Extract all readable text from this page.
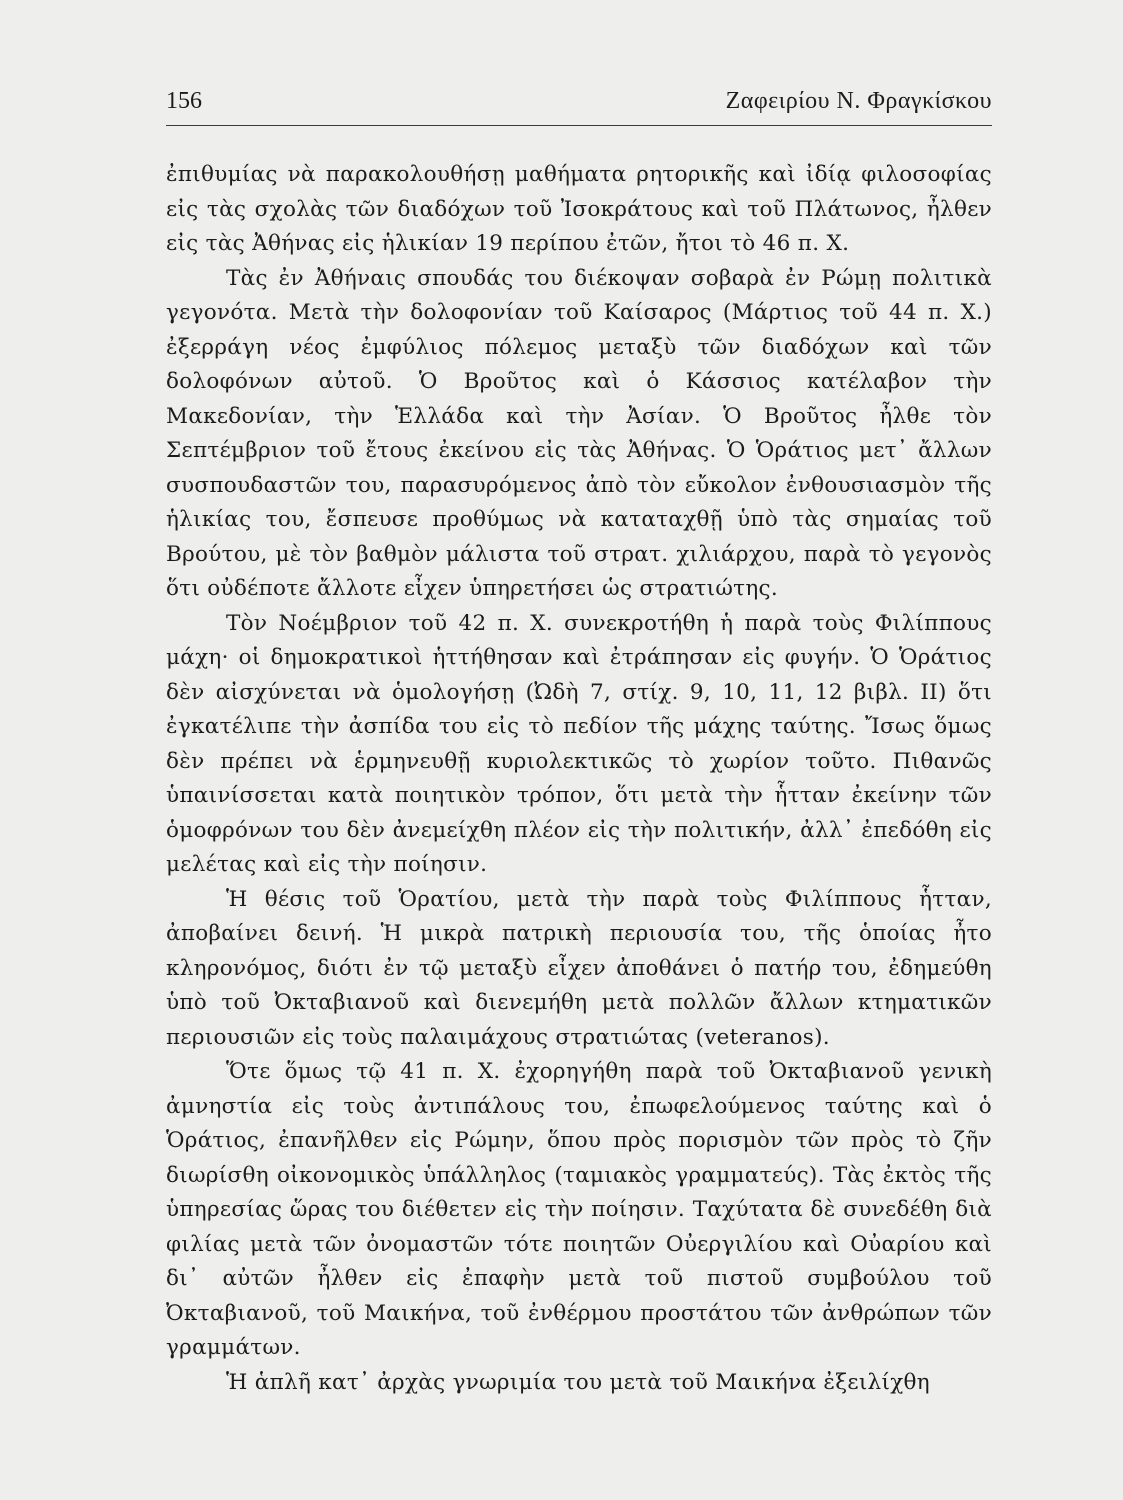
156	Ζαφειρίου Ν. Φραγκίσκου

ἐπιθυμίας νὰ παρακολουθήσῃ μαθήματα ρητορικῆς καὶ ἰδίᾳ φιλοσοφίας εἰς τὰς σχολὰς τῶν διαδόχων τοῦ Ἰσοκράτους καὶ τοῦ Πλάτωνος, ἦλθεν εἰς τὰς Ἀθήνας εἰς ἡλικίαν 19 περίπου ἐτῶν, ἤτοι τὸ 46 π. Χ.

Τὰς ἐν Ἀθήναις σπουδάς του διέκοψαν σοβαρὰ ἐν Ρώμῃ πολιτικὰ γεγονότα. Μετὰ τὴν δολοφονίαν τοῦ Καίσαρος (Μάρτιος τοῦ 44 π. Χ.) ἐξερράγη νέος ἐμφύλιος πόλεμος μεταξὺ τῶν διαδόχων καὶ τῶν δολοφόνων αὐτοῦ. Ὁ Βροῦτος καὶ ὁ Κάσσιος κατέλαβον τὴν Μακεδονίαν, τὴν Ἑλλάδα καὶ τὴν Ἀσίαν. Ὁ Βροῦτος ἦλθε τὸν Σεπτέμβριον τοῦ ἔτους ἐκείνου εἰς τὰς Ἀθήνας. Ὁ Ὁράτιος μετ᾽ ἄλλων συσπουδαστῶν του, παρασυρόμενος ἀπὸ τὸν εὔκολον ἐνθουσιασμὸν τῆς ἡλικίας του, ἔσπευσε προθύμως νὰ καταταχθῇ ὑπὸ τὰς σημαίας τοῦ Βρούτου, μὲ τὸν βαθμὸν μάλιστα τοῦ στρατ. χιλιάρχου, παρὰ τὸ γεγονὸς ὅτι οὐδέποτε ἄλλοτε εἶχεν ὑπηρετήσει ὡς στρατιώτης.

Τὸν Νοέμβριον τοῦ 42 π. Χ. συνεκροτήθη ἡ παρὰ τοὺς Φιλίππους μάχη· οἱ δημοκρατικοὶ ἡττήθησαν καὶ ἐτράπησαν εἰς φυγήν. Ὁ Ὁράτιος δὲν αἰσχύνεται νὰ ὁμολογήσῃ (Ὠδὴ 7, στίχ. 9, 10, 11, 12 βιβλ. ΙΙ) ὅτι ἐγκατέλιπε τὴν ἀσπίδα του εἰς τὸ πεδίον τῆς μάχης ταύτης. Ἴσως ὅμως δὲν πρέπει νὰ ἑρμηνευθῇ κυριολεκτικῶς τὸ χωρίον τοῦτο. Πιθανῶς ὑπαινίσσεται κατὰ ποιητικὸν τρόπον, ὅτι μετὰ τὴν ἧτταν ἐκείνην τῶν ὁμοφρόνων του δὲν ἀνεμείχθη πλέον εἰς τὴν πολιτικήν, ἀλλ᾽ ἐπεδόθη εἰς μελέτας καὶ εἰς τὴν ποίησιν.

Ἡ θέσις τοῦ Ὁρατίου, μετὰ τὴν παρὰ τοὺς Φιλίππους ἧτταν, ἀποβαίνει δεινή. Ἡ μικρὰ πατρικὴ περιουσία του, τῆς ὁποίας ἦτο κληρονόμος, διότι ἐν τῷ μεταξὺ εἶχεν ἀποθάνει ὁ πατήρ του, ἐδημεύθη ὑπὸ τοῦ Ὀκταβιανοῦ καὶ διενεμήθη μετὰ πολλῶν ἄλλων κτηματικῶν περιουσιῶν εἰς τοὺς παλαιμάχους στρατιώτας (veteranos).

Ὅτε ὅμως τῷ 41 π. Χ. ἐχορηγήθη παρὰ τοῦ Ὀκταβιανοῦ γενικὴ ἀμνηστία εἰς τοὺς ἀντιπάλους του, ἐπωφελούμενος ταύτης καὶ ὁ Ὁράτιος, ἐπανῆλθεν εἰς Ρώμην, ὅπου πρὸς πορισμὸν τῶν πρὸς τὸ ζῆν διωρίσθη οἰκονομικὸς ὑπάλληλος (ταμιακὸς γραμματεύς). Τὰς ἐκτὸς τῆς ὑπηρεσίας ὥρας του διέθετεν εἰς τὴν ποίησιν. Ταχύτατα δὲ συνεδέθη διὰ φιλίας μετὰ τῶν ὀνομαστῶν τότε ποιητῶν Οὐεργιλίου καὶ Οὐαρίου καὶ δι᾽ αὐτῶν ἦλθεν εἰς ἐπαφὴν μετὰ τοῦ πιστοῦ συμβούλου τοῦ Ὀκταβιανοῦ, τοῦ Μαικήνα, τοῦ ἐνθέρμου προστάτου τῶν ἀνθρώπων τῶν γραμμάτων.

Ἡ ἁπλῆ κατ᾽ ἀρχὰς γνωριμία του μετὰ τοῦ Μαικήνα ἐξειλίχθη
